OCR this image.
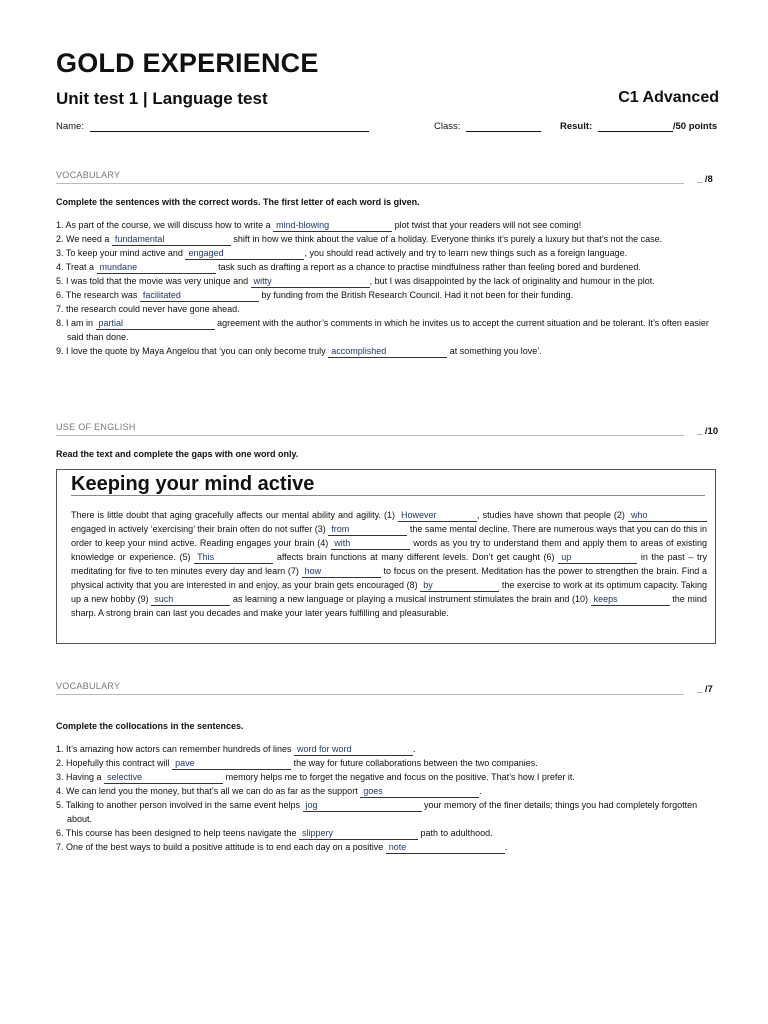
GOLD EXPERIENCE
Unit test 1 | Language test	C1 Advanced
Name:	Class:	Result:	/50 points
VOCABULARY	_ /8
Complete the sentences with the correct words. The first letter of each word is given.
1. As part of the course, we will discuss how to write a mind-blowing	plot twist that your readers will not see coming!
2. We need a fundamental	shift in how we think about the value of a holiday. Everyone thinks it’s purely a luxury but that’s not the case.
3. To keep your mind active and engaged	, you should read actively and try to learn new things such as a foreign language.
4. Treat a mundane	task such as drafting a report as a chance to practise mindfulness rather than feeling bored and burdened.
5. I was told that the movie was very unique and witty	, but I was disappointed by the lack of originality and humour in the plot.
6. The research was facilitated	by funding from the British Research Council. Had it not been for their funding.
7. the research could never have gone ahead.
8. I am in partial	agreement with the author’s comments in which he invites us to accept the current situation and be tolerant. It’s often easier said than done.
9. I love the quote by Maya Angelou that ‘you can only become truly accomplished	at something you love’.
USE OF ENGLISH	_ /10
Read the text and complete the gaps with one word only.
Keeping your mind active
There is little doubt that aging gracefully affects our mental ability and agility. (1) However	, studies have shown that people (2) who engaged in actively ‘exercising’ their brain often do not suffer (3) from	the same mental decline. There are numerous ways that you can do this in order to keep your mind active. Reading engages your brain (4) with	words as you try to understand them and apply them to areas of existing knowledge or experience. (5) This	affects brain functions at many different levels. Don’t get caught (6) up	in the past – try meditating for five to ten minutes every day and learn (7) how	to focus on the present. Meditation has the power to strengthen the brain. Find a physical activity that you are interested in and enjoy, as your brain gets encouraged (8) by	the exercise to work at its optimum capacity. Taking up a new hobby (9) such	as learning a new language or playing a musical instrument stimulates the brain and (10) keeps	the mind sharp. A strong brain can last you decades and make your later years fulfilling and pleasurable.
VOCABULARY	_ /7
Complete the collocations in the sentences.
1. It’s amazing how actors can remember hundreds of lines word for word	.
2. Hopefully this contract will pave	the way for future collaborations between the two companies.
3. Having a selective	memory helps me to forget the negative and focus on the positive. That’s how I prefer it.
4. We can lend you the money, but that’s all we can do as far as the support goes	.
5. Talking to another person involved in the same event helps jog	your memory of the finer details; things you had completely forgotten about.
6. This course has been designed to help teens navigate the slippery	path to adulthood.
7. One of the best ways to build a positive attitude is to end each day on a positive note	.
